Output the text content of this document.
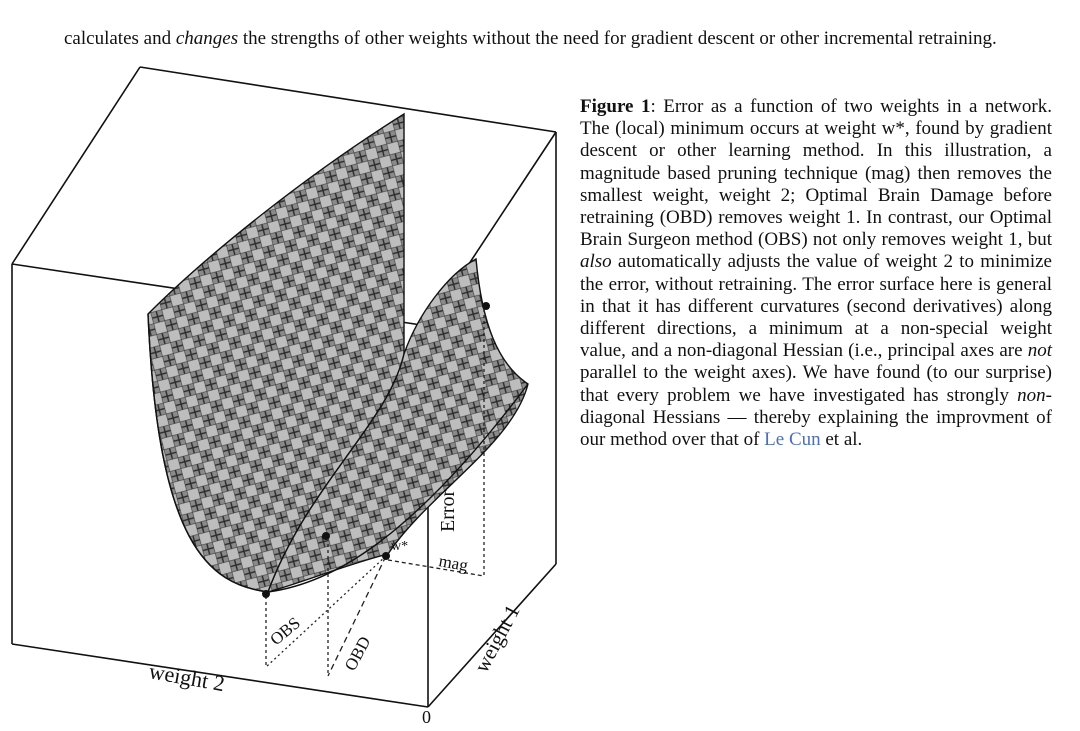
calculates and changes the strengths of other weights without the need for gradient descent or other incremental retraining.
weight 2
weight 1
Error
OBS
OBD
mag
w*
0
Figure 1: Error as a function of two weights in a network. The (local) minimum occurs at weight w*, found by gradient descent or other learning method. In this illustration, a magnitude based pruning technique (mag) then removes the smallest weight, weight 2; Optimal Brain Damage before retraining (OBD) removes weight 1. In contrast, our Optimal Brain Surgeon method (OBS) not only removes weight 1, but also automatically adjusts the value of weight 2 to minimize the error, without retraining. The error surface here is general in that it has different curvatures (second derivatives) along different directions, a minimum at a non-special weight value, and a non-diagonal Hessian (i.e., principal axes are not parallel to the weight axes). We have found (to our surprise) that every problem we have investigated has strongly non-diagonal Hessians — thereby explaining the improvment of our method over that of Le Cun et al.
